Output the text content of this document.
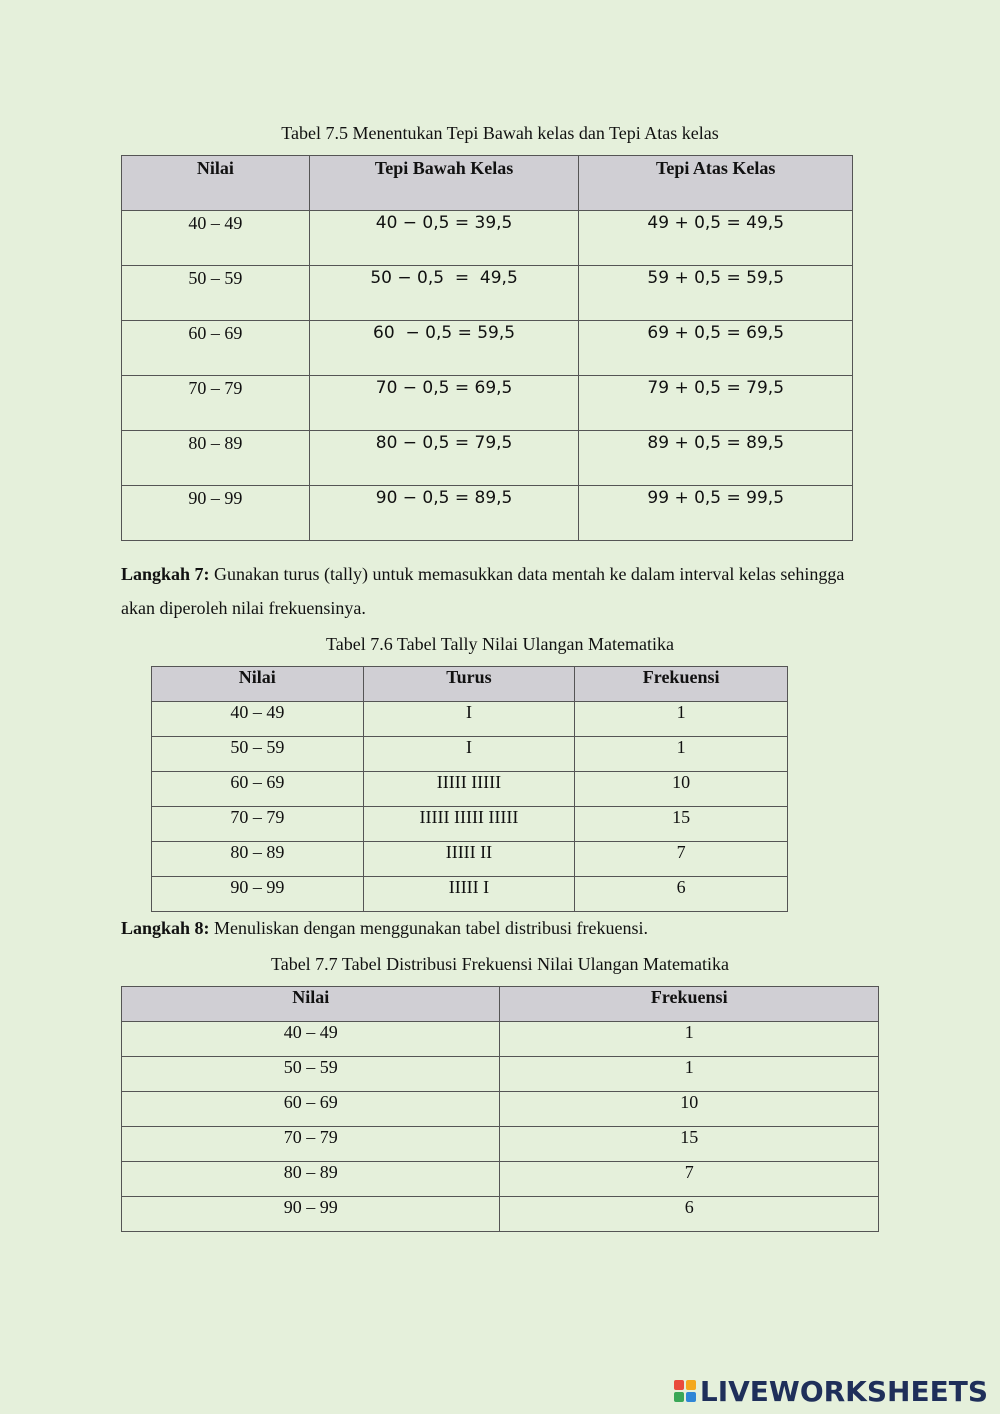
Tabel 7.5 Menentukan Tepi Bawah kelas dan Tepi Atas kelas
Nilai	Tepi Bawah Kelas	Tepi Atas Kelas
40 – 49	40 − 0,5 = 39,5	49 + 0,5 = 49,5
50 – 59	50 − 0,5  =  49,5	59 + 0,5 = 59,5
60 – 69	60  − 0,5 = 59,5	69 + 0,5 = 69,5
70 – 79	70 − 0,5 = 69,5	79 + 0,5 = 79,5
80 – 89	80 − 0,5 = 79,5	89 + 0,5 = 89,5
90 – 99	90 − 0,5 = 89,5	99 + 0,5 = 99,5
Langkah 7: Gunakan turus (tally) untuk memasukkan data mentah ke dalam interval kelas sehingga akan diperoleh nilai frekuensinya.
Tabel 7.6 Tabel Tally Nilai Ulangan Matematika
Nilai	Turus	Frekuensi
40 – 49	I	1
50 – 59	I	1
60 – 69	IIIII IIIII	10
70 – 79	IIIII IIIII IIIII	15
80 – 89	IIIII II	7
90 – 99	IIIII I	6
Langkah 8: Menuliskan dengan menggunakan tabel distribusi frekuensi.
Tabel 7.7 Tabel Distribusi Frekuensi Nilai Ulangan Matematika
Nilai	Frekuensi
40 – 49	1
50 – 59	1
60 – 69	10
70 – 79	15
80 – 89	7
90 – 99	6
LIVEWORKSHEETS
